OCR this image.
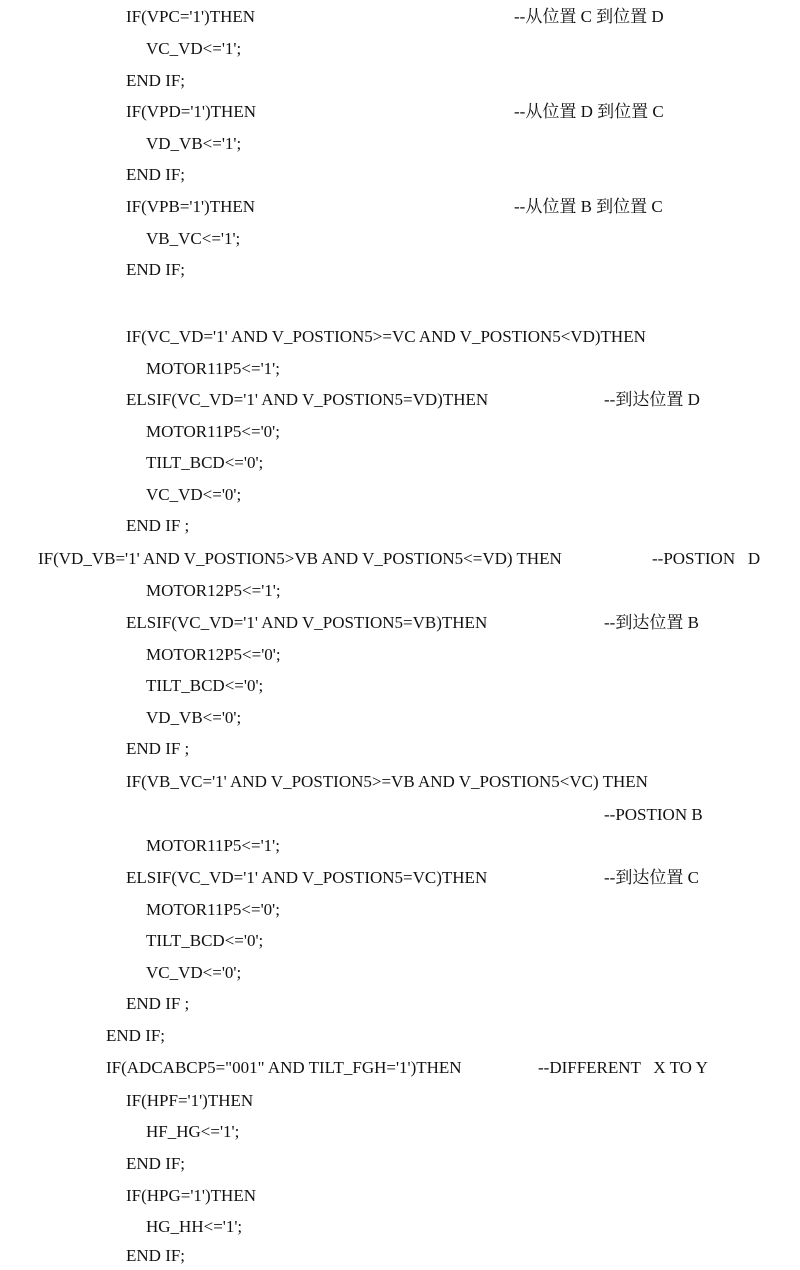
IF(VPC='1')THEN	--从位置 C 到位置 D
VC_VD<='1';
END IF;
IF(VPD='1')THEN	--从位置 D 到位置 C
VD_VB<='1';
END IF;
IF(VPB='1')THEN	--从位置 B 到位置 C
VB_VC<='1';
END IF;
IF(VC_VD='1' AND V_POSTION5>=VC AND V_POSTION5<VD)THEN
MOTOR11P5<='1';
ELSIF(VC_VD='1' AND V_POSTION5=VD)THEN	--到达位置 D
MOTOR11P5<='0';
TILT_BCD<='0';
VC_VD<='0';
END IF ;
IF(VD_VB='1' AND V_POSTION5>VB AND V_POSTION5<=VD) THEN	--POSTION   D
MOTOR12P5<='1';
ELSIF(VC_VD='1' AND V_POSTION5=VB)THEN	--到达位置 B
MOTOR12P5<='0';
TILT_BCD<='0';
VD_VB<='0';
END IF ;
IF(VB_VC='1' AND V_POSTION5>=VB AND V_POSTION5<VC) THEN
--POSTION B
MOTOR11P5<='1';
ELSIF(VC_VD='1' AND V_POSTION5=VC)THEN	--到达位置 C
MOTOR11P5<='0';
TILT_BCD<='0';
VC_VD<='0';
END IF ;
END IF;
IF(ADCABCP5="001" AND TILT_FGH='1')THEN	--DIFFERENT   X TO Y
IF(HPF='1')THEN
HF_HG<='1';
END IF;
IF(HPG='1')THEN
HG_HH<='1';
END IF;
